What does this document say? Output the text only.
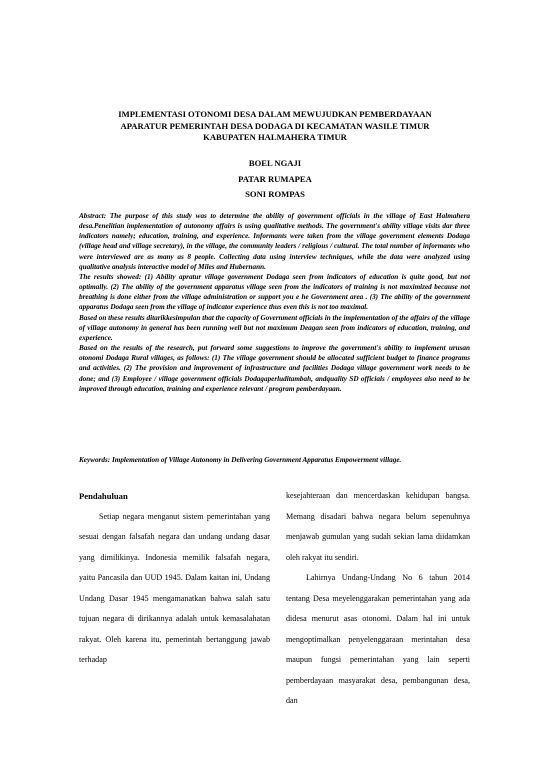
IMPLEMENTASI OTONOMI DESA DALAM MEWUJUDKAN PEMBERDAYAAN
APARATUR PEMERINTAH DESA DODAGA DI KECAMATAN WASILE TIMUR
KABUPATEN HALMAHERA TIMUR
BOEL NGAJI
PATAR RUMAPEA
SONI ROMPAS

Abstract: The purpose of this study was to determine the ability of government officials in the village of East Halmahera desa.Penelitian implementation of autonomy affairs is using qualitative methods. The government's ability village visits dar three indicators namely; education, training, and experience. Informants were taken from the village government elements Dodaga (village head and village secretary), in the village, the community leaders / religious / cultural. The total number of informants who were interviewed are as many as 8 people. Collecting data using interview techniques, while the data were analyzed using qualitative analysis interactive model of Miles and Hubernann.

The results showed: (1) Ability apratur village government Dodaga seen from indicators of education is quite good, but not optimally. (2) The ability of the government apparatus village seen from the indicators of training is not maximized because not breathing is done either from the village administration or support you e he Government area . (3) The ability of the government apparatus Dodaga seen from the village of indicator experience thus even this is not too maximal.

Based on these results ditarikkesimpulan that the capacity of Government officials in the implementation of the affairs of the village of village autonomy in general has been running well but not maximum Deagan seen from indicators of education, training, and experience.

Based on the results of the research, put forward some suggestions to improve the government's ability to implement urusan otonomi Dodaga Rural villages, as follows: (1) The village government should be allocated sufficient budget to finance programs and activities. (2) The provision and improvement of infrastructure and facilities Dodaga village government work needs to be done; and (3) Employee / village government officials Dodagaperluditambah, andquality SD officials / employees also need to be improved through education, training and experience relevant / program pemberdayaan.

Keywords: Implementation of Village Autonomy in Delivering Government Apparatus Empowerment village.
Pendahuluan

Setiap negara menganut sistem pemerintahan yang sesuai dengan falsafah negara dan undang undang dasar yang dimilikinya. Indonesia memilik falsafah negara, yaitu Pancasila dan UUD 1945. Dalam kaitan ini, Undang Undang Dasar 1945 mengamanatkan bahwa salah satu tujuan negara di dirikannya adalah untuk kemasalahatan rakyat. Oleh karena itu, pemerintah bertanggung jawab terhadap

kesejahteraan dan mencerdaskan kehidupan bangsa. Memang disadari bahwa negara belum sepenuhnya menjawab gumulan yang sudah sekian lama diidamkan oleh rakyat itu sendiri.

Lahirnya Undang-Undang No 6 tahun 2014 tentang Desa meyelenggarakan pemerintahan yang ada didesa menurut asas otonomi. Dalam hal ini untuk mengoptimalkan penyelenggaraan merintahan desa maupun fungsi pemerintahan yang lain seperti pemberdayaan masyarakat desa, pembangunan desa, dan
